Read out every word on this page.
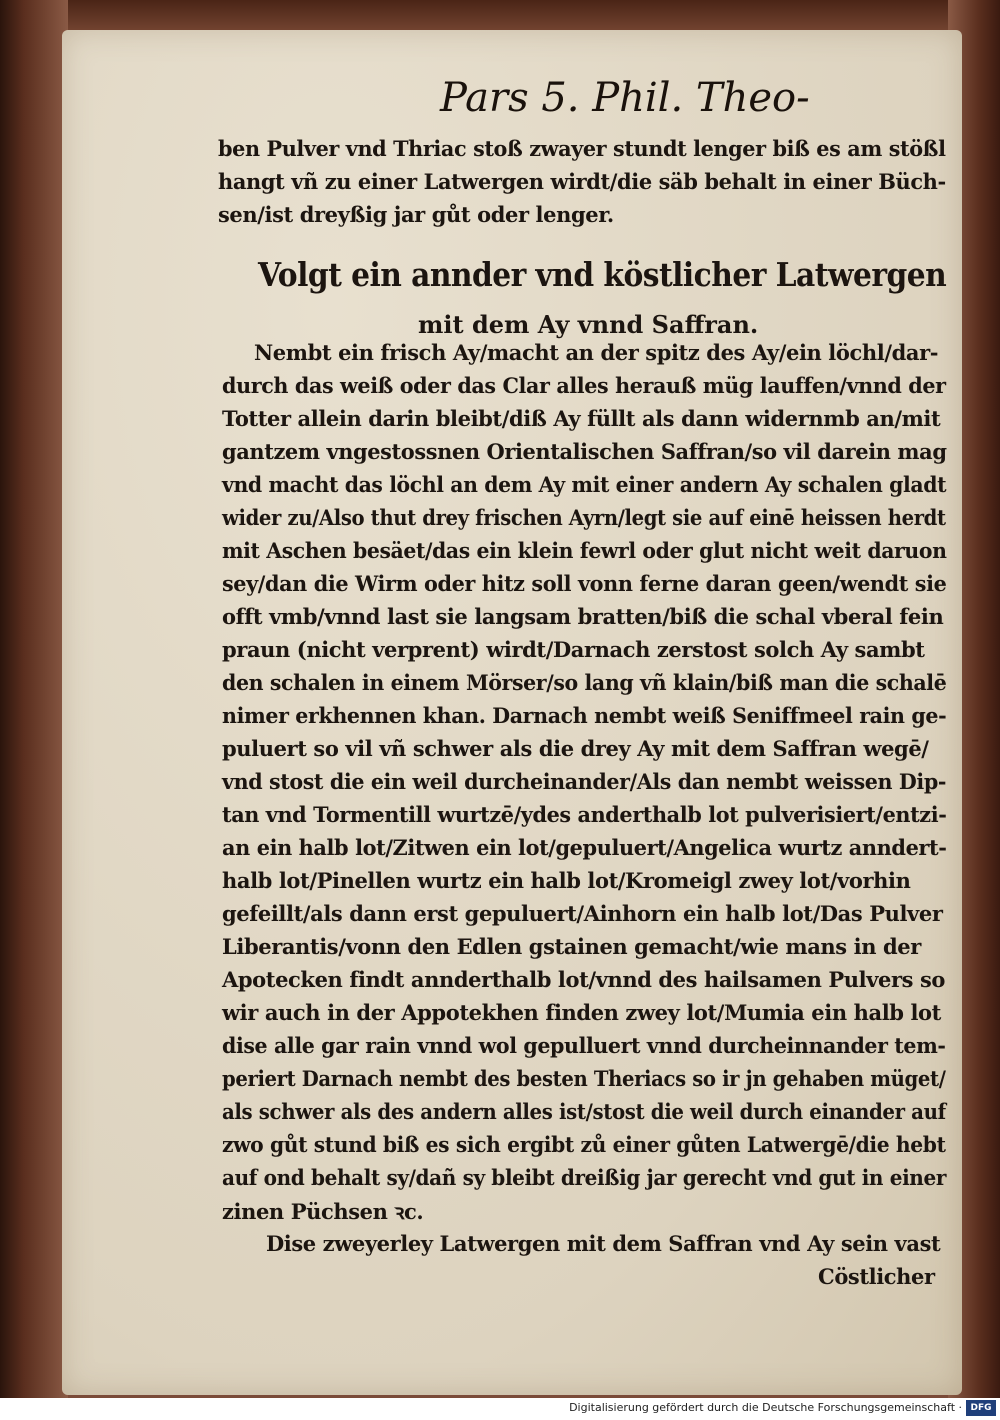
Pars 5. Phil. Theo-
ben Pulver vnd Thriac stoß zwayer stundt lenger biß es am stößl
hangt vñ zu einer Latwergen wirdt/die säb behalt in einer Büch-
sen/ist dreyßig jar gůt oder lenger.
Volgt ein annder vnd köstlicher Latwergen
mit dem Ay vnnd Saffran.
Nembt ein frisch Ay/macht an der spitz des Ay/ein löchl/dar-
durch das weiß oder das Clar alles herauß müg lauffen/vnnd der
Totter allein darin bleibt/diß Ay füllt als dann widernmb an/mit
gantzem vngestossnen Orientalischen Saffran/so vil darein mag
vnd macht das löchl an dem Ay mit einer andern Ay schalen gladt
wider zu/Also thut drey frischen Ayrn/legt sie auf einē heissen herdt
mit Aschen besäet/das ein klein fewrl oder glut nicht weit daruon
sey/dan die Wirm oder hitz soll vonn ferne daran geen/wendt sie
offt vmb/vnnd last sie langsam bratten/biß die schal vberal fein
praun (nicht verprent) wirdt/Darnach zerstost solch Ay sambt
den schalen in einem Mörser/so lang vñ klain/biß man die schalē
nimer erkhennen khan. Darnach nembt weiß Seniffmeel rain ge-
puluert so vil vñ schwer als die drey Ay mit dem Saffran wegē/
vnd stost die ein weil durcheinander/Als dan nembt weissen Dip-
tan vnd Tormentill wurtzē/ydes anderthalb lot pulverisiert/entzi-
an ein halb lot/Zitwen ein lot/gepuluert/Angelica wurtz anndert-
halb lot/Pinellen wurtz ein halb lot/Kromeigl zwey lot/vorhin
gefeillt/als dann erst gepuluert/Ainhorn ein halb lot/Das Pulver
Liberantis/vonn den Edlen gstainen gemacht/wie mans in der
Apotecken findt annderthalb lot/vnnd des hailsamen Pulvers so
wir auch in der Appotekhen finden zwey lot/Mumia ein halb lot
dise alle gar rain vnnd wol gepulluert vnnd durcheinnander tem-
periert Darnach nembt des besten Theriacs so ir jn gehaben müget/
als schwer als des andern alles ist/stost die weil durch einander auf
zwo gůt stund biß es sich ergibt zů einer gůten Latwergē/die hebt
auf ond behalt sy/dañ sy bleibt dreißig jar gerecht vnd gut in einer
zinen Püchsen ꝛc.
Dise zweyerley Latwergen mit dem Saffran vnd Ay sein vast
Cöstlicher
Digitalisierung gefördert durch die Deutsche Forschungsgemeinschaft · DFG
